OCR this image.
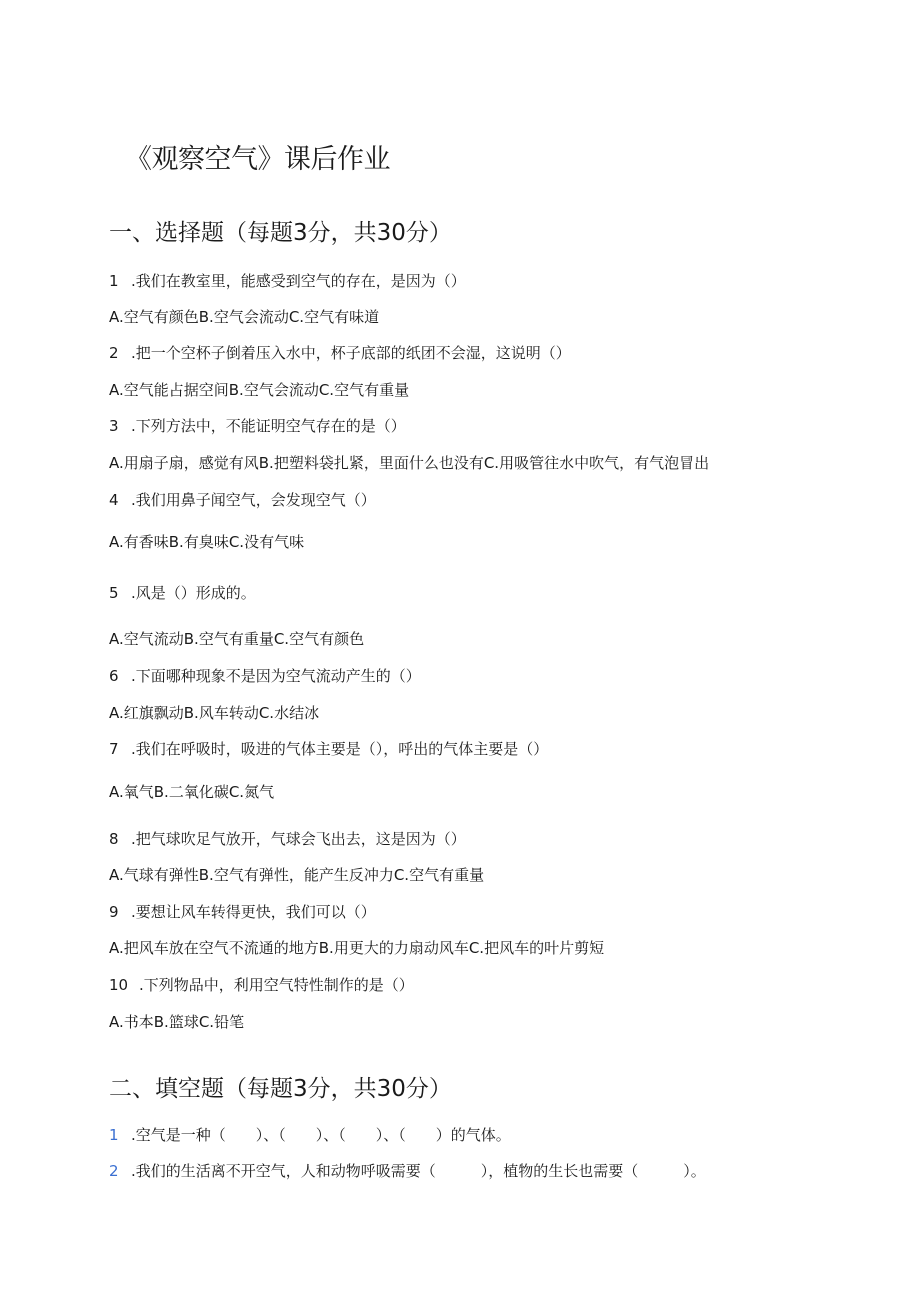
《观察空气》课后作业
一、选择题（每题3分，共30分）
1 .我们在教室里，能感受到空气的存在，是因为（）
A.空气有颜色B.空气会流动C.空气有味道
2 .把一个空杯子倒着压入水中，杯子底部的纸团不会湿，这说明（）
A.空气能占据空间B.空气会流动C.空气有重量
3 .下列方法中，不能证明空气存在的是（）
A.用扇子扇，感觉有风B.把塑料袋扎紧，里面什么也没有C.用吸管往水中吹气，有气泡冒出
4 .我们用鼻子闻空气，会发现空气（）
A.有香味B.有臭味C.没有气味
5 .风是（）形成的。
A.空气流动B.空气有重量C.空气有颜色
6 .下面哪种现象不是因为空气流动产生的（）
A.红旗飘动B.风车转动C.水结冰
7 .我们在呼吸时，吸进的气体主要是（），呼出的气体主要是（）
A.氧气B.二氧化碳C.氮气
8 .把气球吹足气放开，气球会飞出去，这是因为（）
A.气球有弹性B.空气有弹性，能产生反冲力C.空气有重量
9 .要想让风车转得更快，我们可以（）
A.把风车放在空气不流通的地方B.用更大的力扇动风车C.把风车的叶片剪短
10 .下列物品中，利用空气特性制作的是（）
A.书本B.篮球C.铅笔
二、填空题（每题3分，共30分）
1 .空气是一种（　　）、（　　）、（　　）、（　　）的气体。
2 .我们的生活离不开空气，人和动物呼吸需要（　　　），植物的生长也需要（　　　）。
